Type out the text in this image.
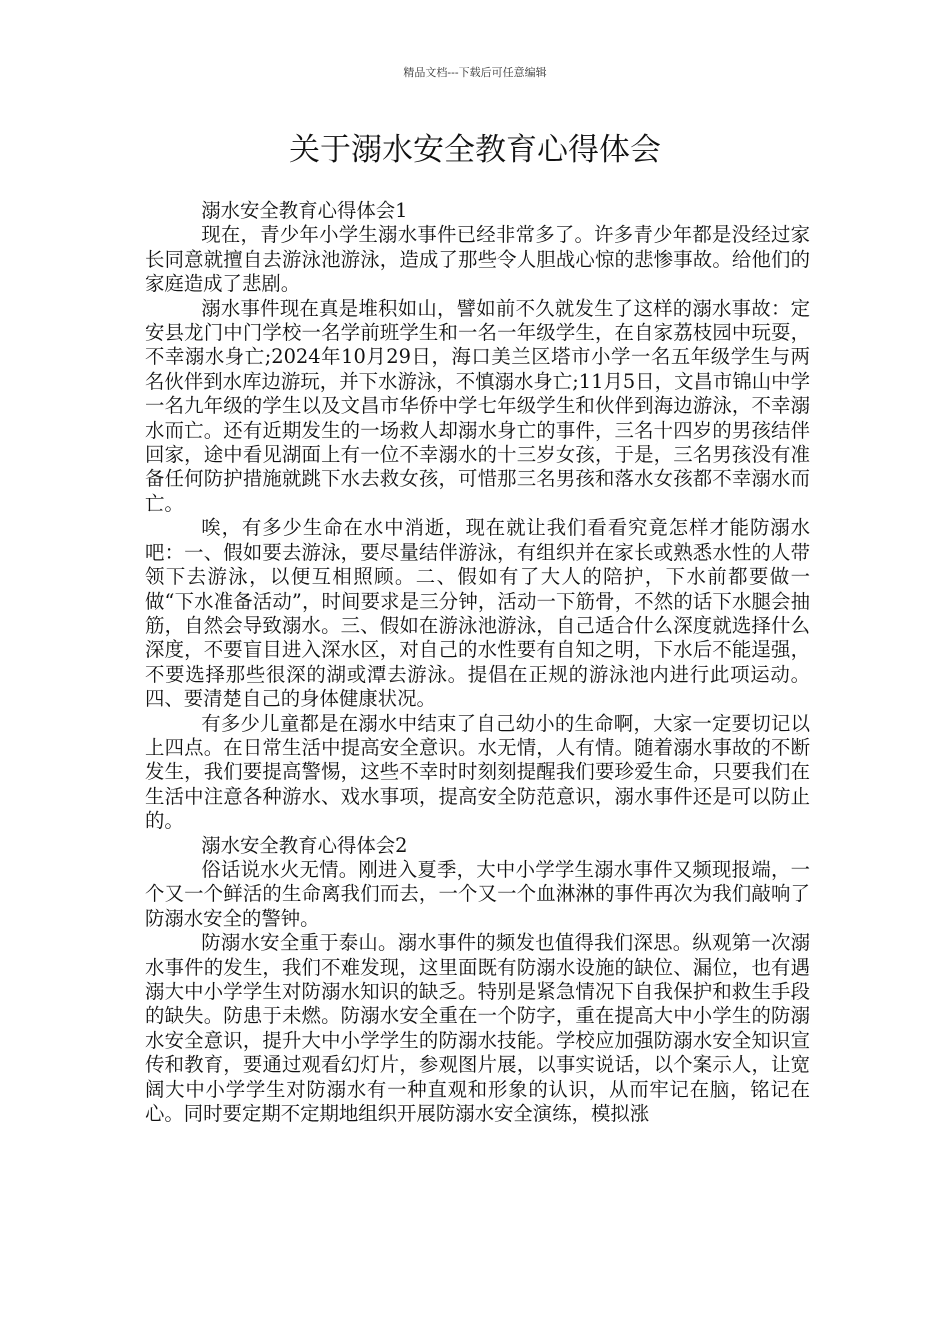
精品文档---下载后可任意编辑
关于溺水安全教育心得体会

溺水安全教育心得体会1

现在，青少年小学生溺水事件已经非常多了。许多青少年都是没经过家长同意就擅自去游泳池游泳，造成了那些令人胆战心惊的悲惨事故。给他们的家庭造成了悲剧。

溺水事件现在真是堆积如山，譬如前不久就发生了这样的溺水事故：定安县龙门中门学校一名学前班学生和一名一年级学生，在自家荔枝园中玩耍，不幸溺水身亡;2024年10月29日，海口美兰区塔市小学一名五年级学生与两名伙伴到水库边游玩，并下水游泳，不慎溺水身亡;11月5日，文昌市锦山中学一名九年级的学生以及文昌市华侨中学七年级学生和伙伴到海边游泳，不幸溺水而亡。还有近期发生的一场救人却溺水身亡的事件，三名十四岁的男孩结伴回家，途中看见湖面上有一位不幸溺水的十三岁女孩，于是，三名男孩没有准备任何防护措施就跳下水去救女孩，可惜那三名男孩和落水女孩都不幸溺水而亡。

唉，有多少生命在水中消逝，现在就让我们看看究竟怎样才能防溺水吧：一、假如要去游泳，要尽量结伴游泳，有组织并在家长或熟悉水性的人带领下去游泳，以便互相照顾。二、假如有了大人的陪护，下水前都要做一做“下水准备活动”，时间要求是三分钟，活动一下筋骨，不然的话下水腿会抽筋，自然会导致溺水。三、假如在游泳池游泳，自己适合什么深度就选择什么深度，不要盲目进入深水区，对自己的水性要有自知之明，下水后不能逞强，不要选择那些很深的湖或潭去游泳。提倡在正规的游泳池内进行此项运动。四、要清楚自己的身体健康状况。

有多少儿童都是在溺水中结束了自己幼小的生命啊，大家一定要切记以上四点。在日常生活中提高安全意识。水无情，人有情。随着溺水事故的不断发生，我们要提高警惕，这些不幸时时刻刻提醒我们要珍爱生命，只要我们在生活中注意各种游水、戏水事项，提高安全防范意识，溺水事件还是可以防止的。

溺水安全教育心得体会2

俗话说水火无情。刚进入夏季，大中小学学生溺水事件又频现报端，一个又一个鲜活的生命离我们而去，一个又一个血淋淋的事件再次为我们敲响了防溺水安全的警钟。

防溺水安全重于泰山。溺水事件的频发也值得我们深思。纵观第一次溺水事件的发生，我们不难发现，这里面既有防溺水设施的缺位、漏位，也有遇溺大中小学学生对防溺水知识的缺乏。特别是紧急情况下自我保护和救生手段的缺失。防患于未燃。防溺水安全重在一个防字，重在提高大中小学生的防溺水安全意识，提升大中小学学生的防溺水技能。学校应加强防溺水安全知识宣传和教育，要通过观看幻灯片，参观图片展，以事实说话，以个案示人，让宽阔大中小学学生对防溺水有一种直观和形象的认识，从而牢记在脑，铭记在心。同时要定期不定期地组织开展防溺水安全演练，模拟涨
